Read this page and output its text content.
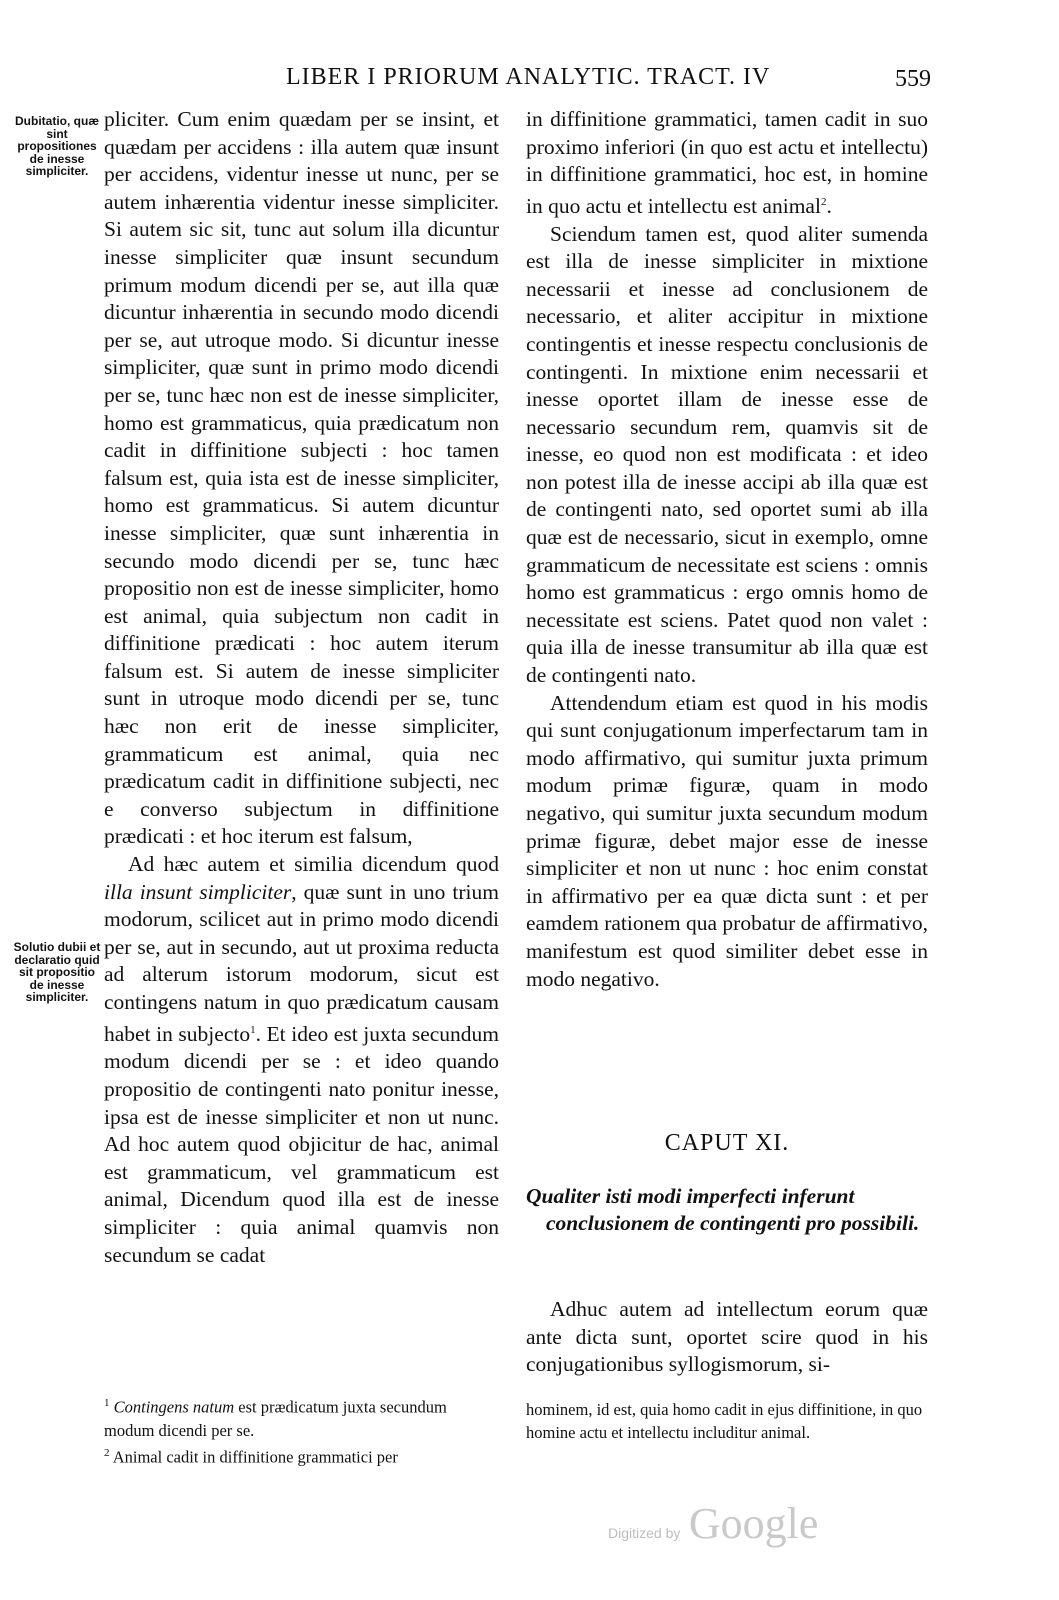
LIBER I PRIORUM ANALYTIC. TRACT. IV	559
Dubitatio, quæ sint propositiones de inesse simpliciter.
Solutio dubii et declaratio quid sit propositio de inesse simpliciter.

pliciter. Cum enim quædam per se insint, et quædam per accidens : illa autem quæ insunt per accidens, videntur inesse ut nunc, per se autem inhærentia videntur inesse simpliciter. Si autem sic sit, tunc aut solum illa dicuntur inesse simpliciter quæ insunt secundum primum modum dicendi per se, aut illa quæ dicuntur inhærentia in secundo modo dicendi per se, aut utroque modo. Si dicuntur inesse simpliciter, quæ sunt in primo modo dicendi per se, tunc hæc non est de inesse simpliciter, homo est grammaticus, quia prædicatum non cadit in diffinitione subjecti : hoc tamen falsum est, quia ista est de inesse simpliciter, homo est grammaticus. Si autem dicuntur inesse simpliciter, quæ sunt inhærentia in secundo modo dicendi per se, tunc hæc propositio non est de inesse simpliciter, homo est animal, quia subjectum non cadit in diffinitione prædicati : hoc autem iterum falsum est. Si autem de inesse simpliciter sunt in utroque modo dicendi per se, tunc hæc non erit de inesse simpliciter, grammaticum est animal, quia nec prædicatum cadit in diffinitione subjecti, nec e converso subjectum in diffinitione prædicati : et hoc iterum est falsum,

Ad hæc autem et similia dicendum quod illa insunt simpliciter, quæ sunt in uno trium modorum, scilicet aut in primo modo dicendi per se, aut in secundo, aut ut proxima reducta ad alterum istorum modorum, sicut est contingens natum in quo prædicatum causam habet in subjecto$^1$. Et ideo est juxta secundum modum dicendi per se : et ideo quando propositio de contingenti nato ponitur inesse, ipsa est de inesse simpliciter et non ut nunc. Ad hoc autem quod objicitur de hac, animal est grammaticum, vel grammaticum est animal, Dicendum quod illa est de inesse simpliciter : quia animal quamvis non secundum se cadat

in diffinitione grammatici, tamen cadit in suo proximo inferiori (in quo est actu et intellectu) in diffinitione grammatici, hoc est, in homine in quo actu et intellectu est animal$^2$.

Sciendum tamen est, quod aliter sumenda est illa de inesse simpliciter in mixtione necessarii et inesse ad conclusionem de necessario, et aliter accipitur in mixtione contingentis et inesse respectu conclusionis de contingenti. In mixtione enim necessarii et inesse oportet illam de inesse esse de necessario secundum rem, quamvis sit de inesse, eo quod non est modificata : et ideo non potest illa de inesse accipi ab illa quæ est de contingenti nato, sed oportet sumi ab illa quæ est de necessario, sicut in exemplo, omne grammaticum de necessitate est sciens : omnis homo est grammaticus : ergo omnis homo de necessitate est sciens. Patet quod non valet : quia illa de inesse transumitur ab illa quæ est de contingenti nato.

Attendendum etiam est quod in his modis qui sunt conjugationum imperfectarum tam in modo affirmativo, qui sumitur juxta primum modum primæ figuræ, quam in modo negativo, qui sumitur juxta secundum modum primæ figuræ, debet major esse de inesse simpliciter et non ut nunc : hoc enim constat in affirmativo per ea quæ dicta sunt : et per eamdem rationem qua probatur de affirmativo, manifestum est quod similiter debet esse in modo negativo.

CAPUT XI.
Qualiter isti modi imperfecti inferunt
conclusionem de contingenti pro possibili.
Adhuc autem ad intellectum eorum quæ ante dicta sunt, oportet scire quod in his conjugationibus syllogismorum, si-

$^1$ Contingens natum est prædicatum juxta secundum modum dicendi per se.

$^2$ Animal cadit in diffinitione grammatici per

hominem, id est, quia homo cadit in ejus diffinitione, in quo homine actu et intellectu includitur animal.

Digitized by Google
